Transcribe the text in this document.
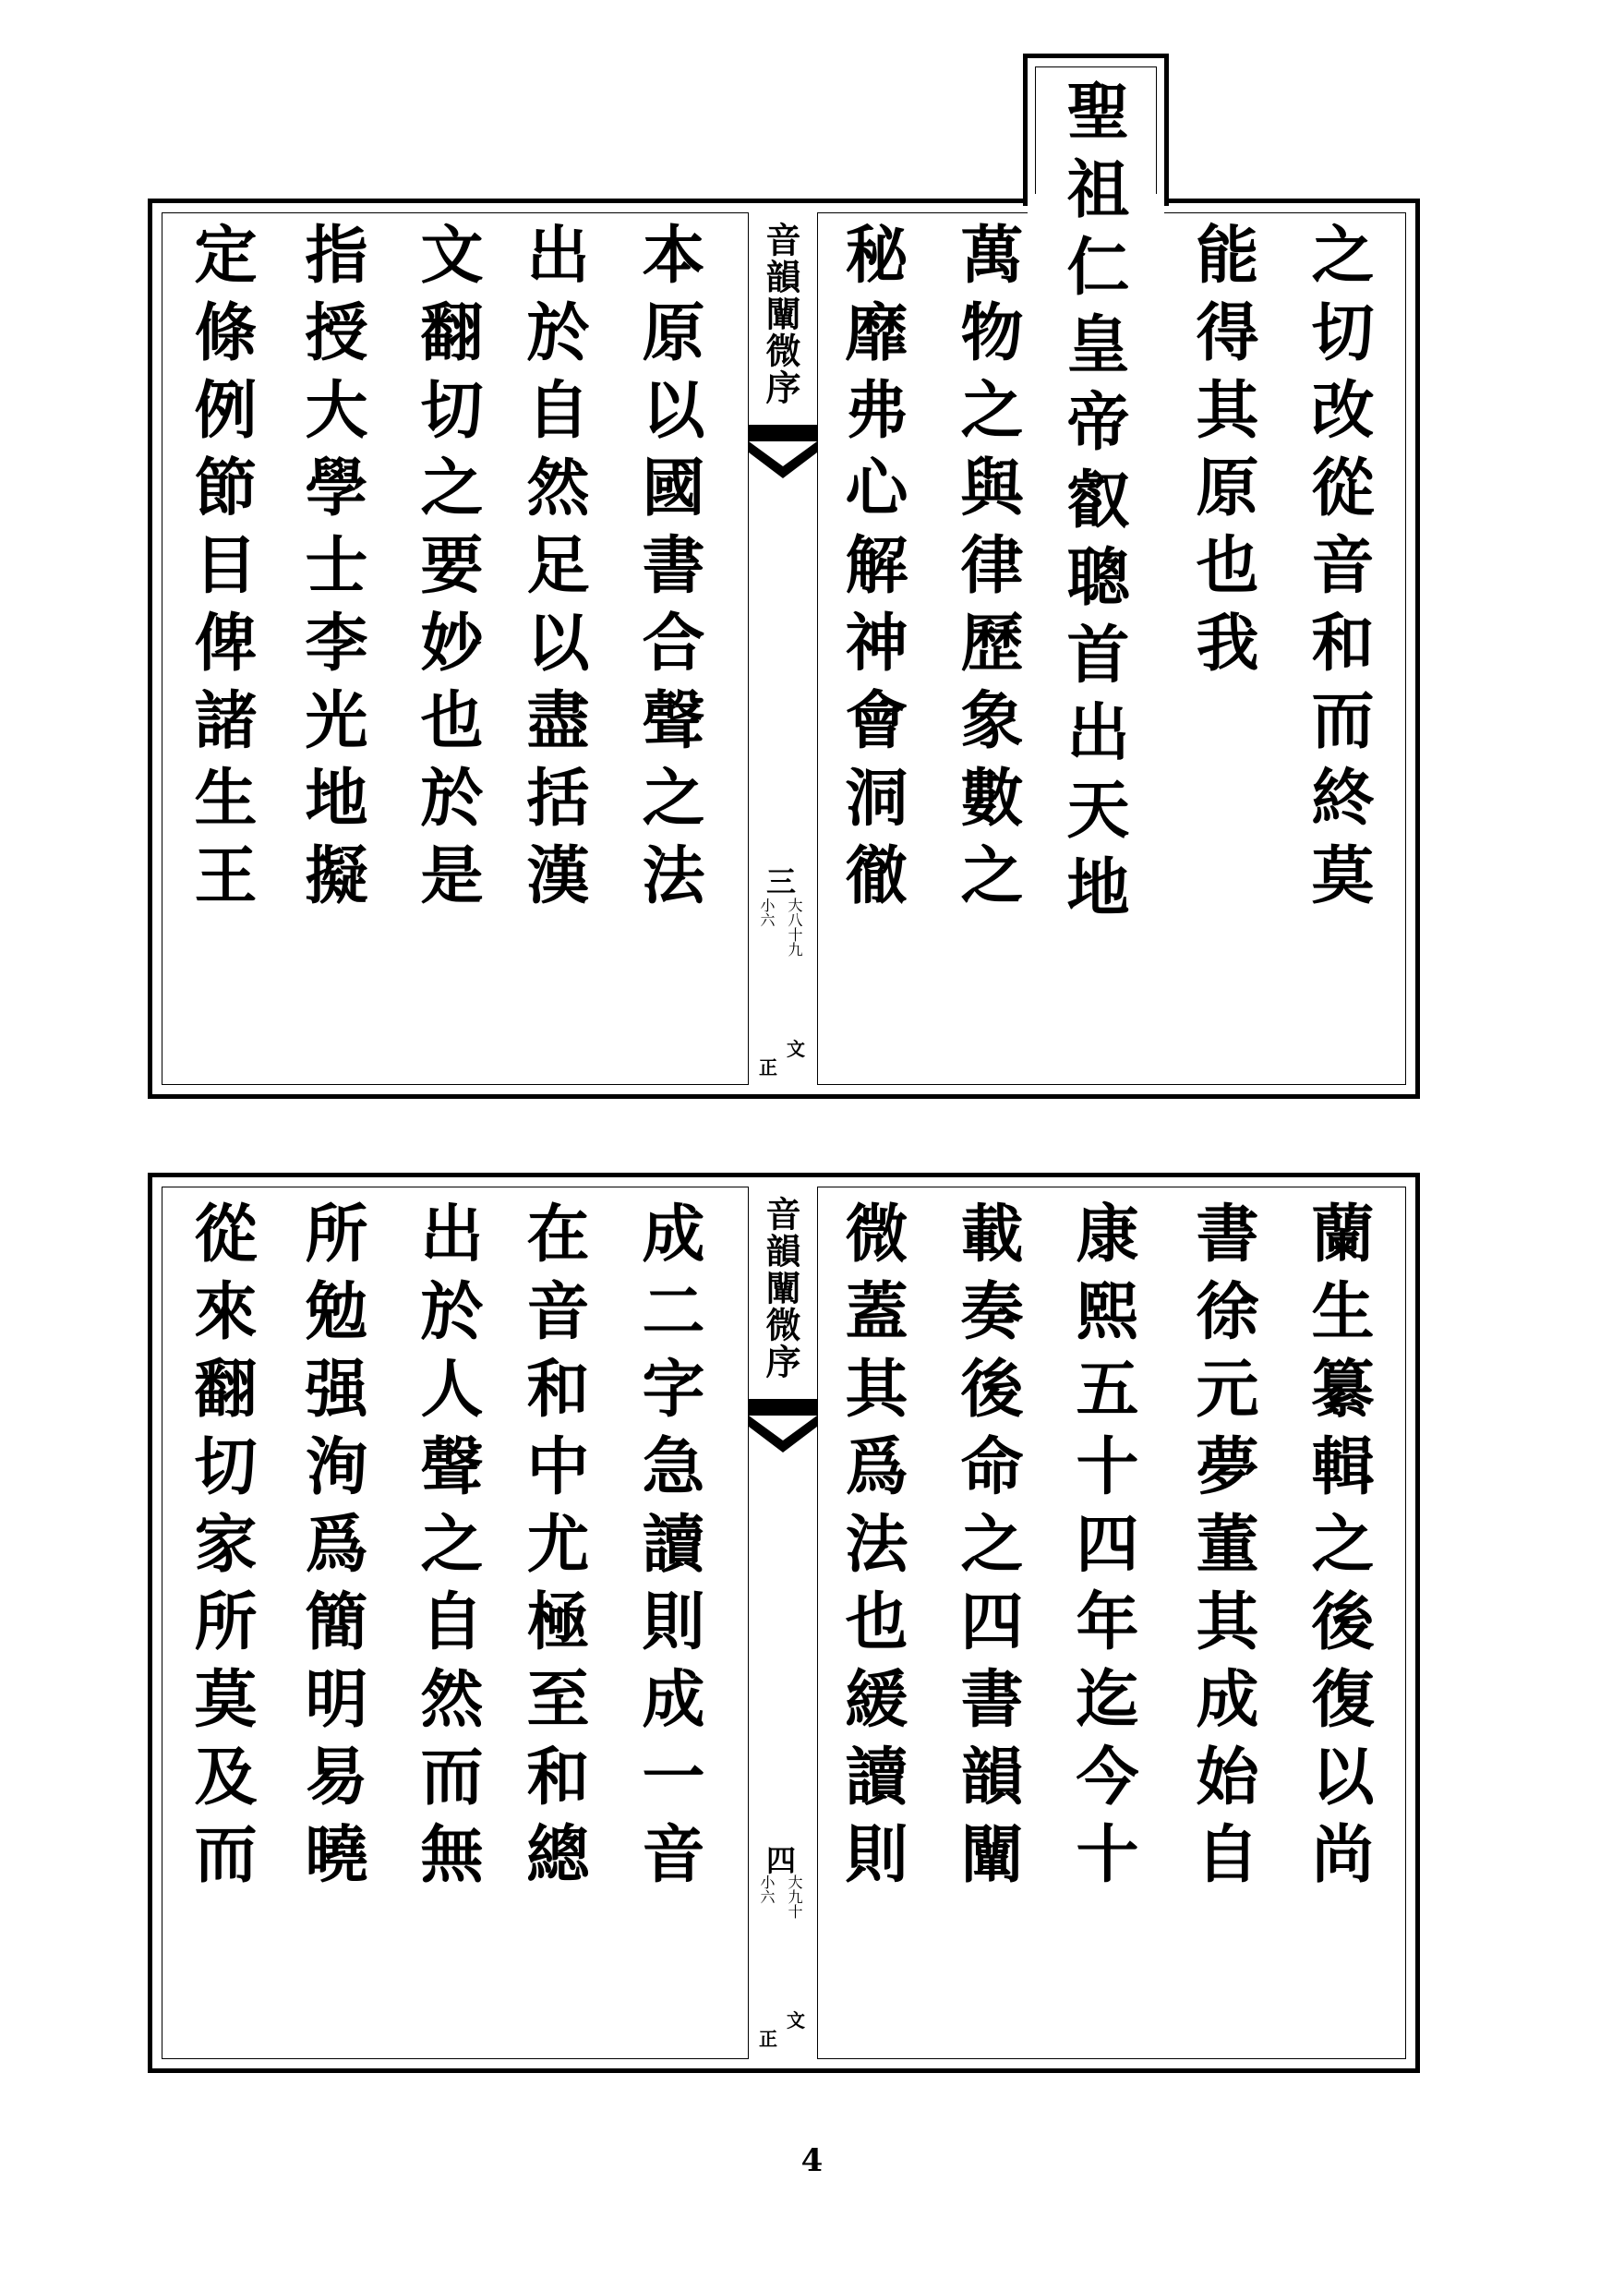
聖祖仁皇帝叡聰首出天地	之切改從音和而終莫
能得其原也我
萬物之與律歷象數之
秘靡弗心解神會洞徹
音韻闡微序
三
大八十九
小六
文
正
本原以國書合聲之法
出於自然足以盡括漢
文翻切之要妙也於是
指授大學士李光地擬
定條例節目俾諸生王
蘭生纂輯之後復以尚
書徐元夢董其成始自
康熙五十四年迄今十
載奏後命之四書韻闡
微蓋其爲法也緩讀則
音韻闡微序
四
大九十
小六
文
正
成二字急讀則成一音
在音和中尤極至和總
出於人聲之自然而無
所勉强洵爲簡明易曉
從來翻切家所莫及而
4
